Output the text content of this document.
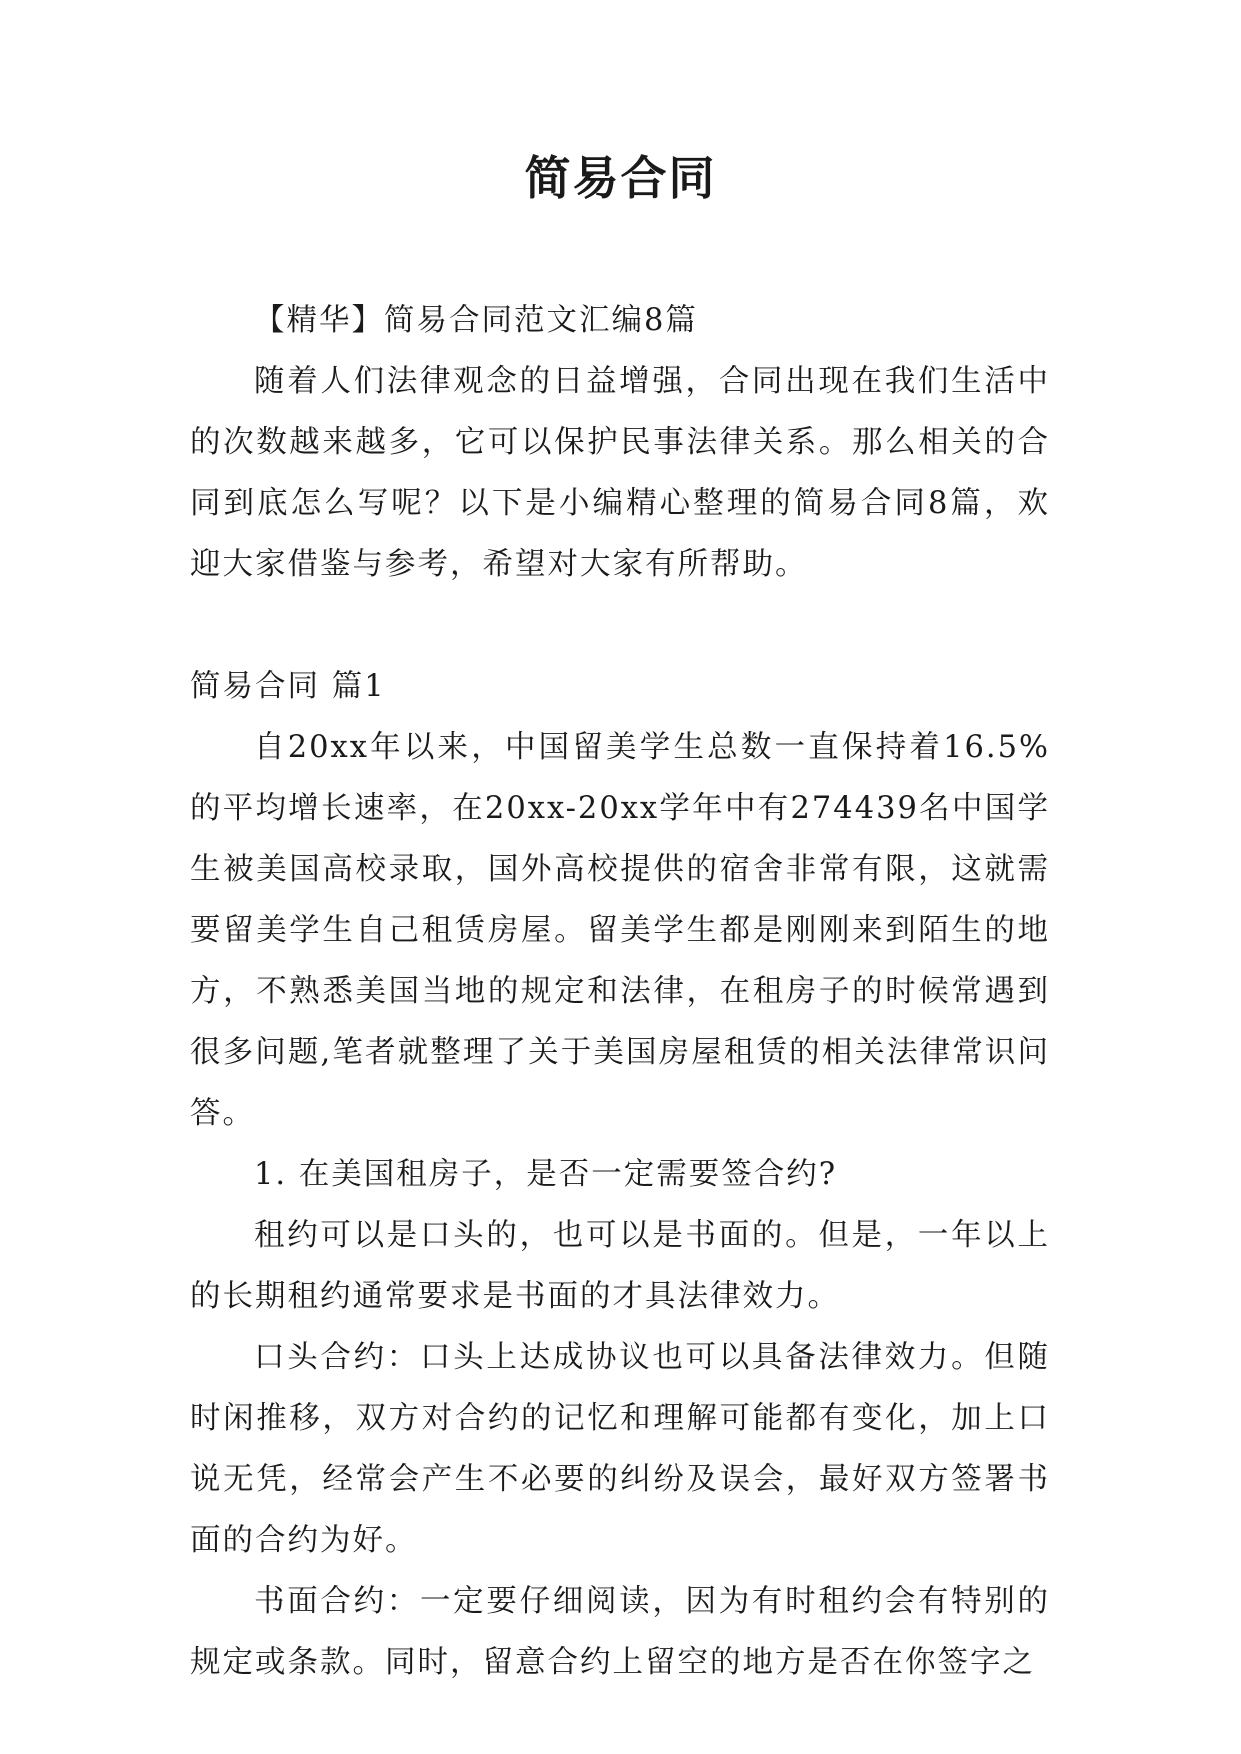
简易合同

【精华】简易合同范文汇编8篇

随着人们法律观念的日益增强，合同出现在我们生活中的次数越来越多，它可以保护民事法律关系。那么相关的合同到底怎么写呢？以下是小编精心整理的简易合同8篇，欢迎大家借鉴与参考，希望对大家有所帮助。

简易合同 篇1

自20xx年以来，中国留美学生总数一直保持着16.5%的平均增长速率，在20xx-20xx学年中有274439名中国学生被美国高校录取，国外高校提供的宿舍非常有限，这就需要留美学生自己租赁房屋。留美学生都是刚刚来到陌生的地方，不熟悉美国当地的规定和法律，在租房子的时候常遇到很多问题,笔者就整理了关于美国房屋租赁的相关法律常识问答。

1. 在美国租房子，是否一定需要签合约?

租约可以是口头的，也可以是书面的。但是，一年以上的长期租约通常要求是书面的才具法律效力。

口头合约：口头上达成协议也可以具备法律效力。但随时闲推移，双方对合约的记忆和理解可能都有变化，加上口说无凭，经常会产生不必要的纠纷及误会，最好双方签署书面的合约为好。

书面合约：一定要仔细阅读，因为有时租约会有特别的规定或条款。同时，留意合约上留空的地方是否在你签字之
